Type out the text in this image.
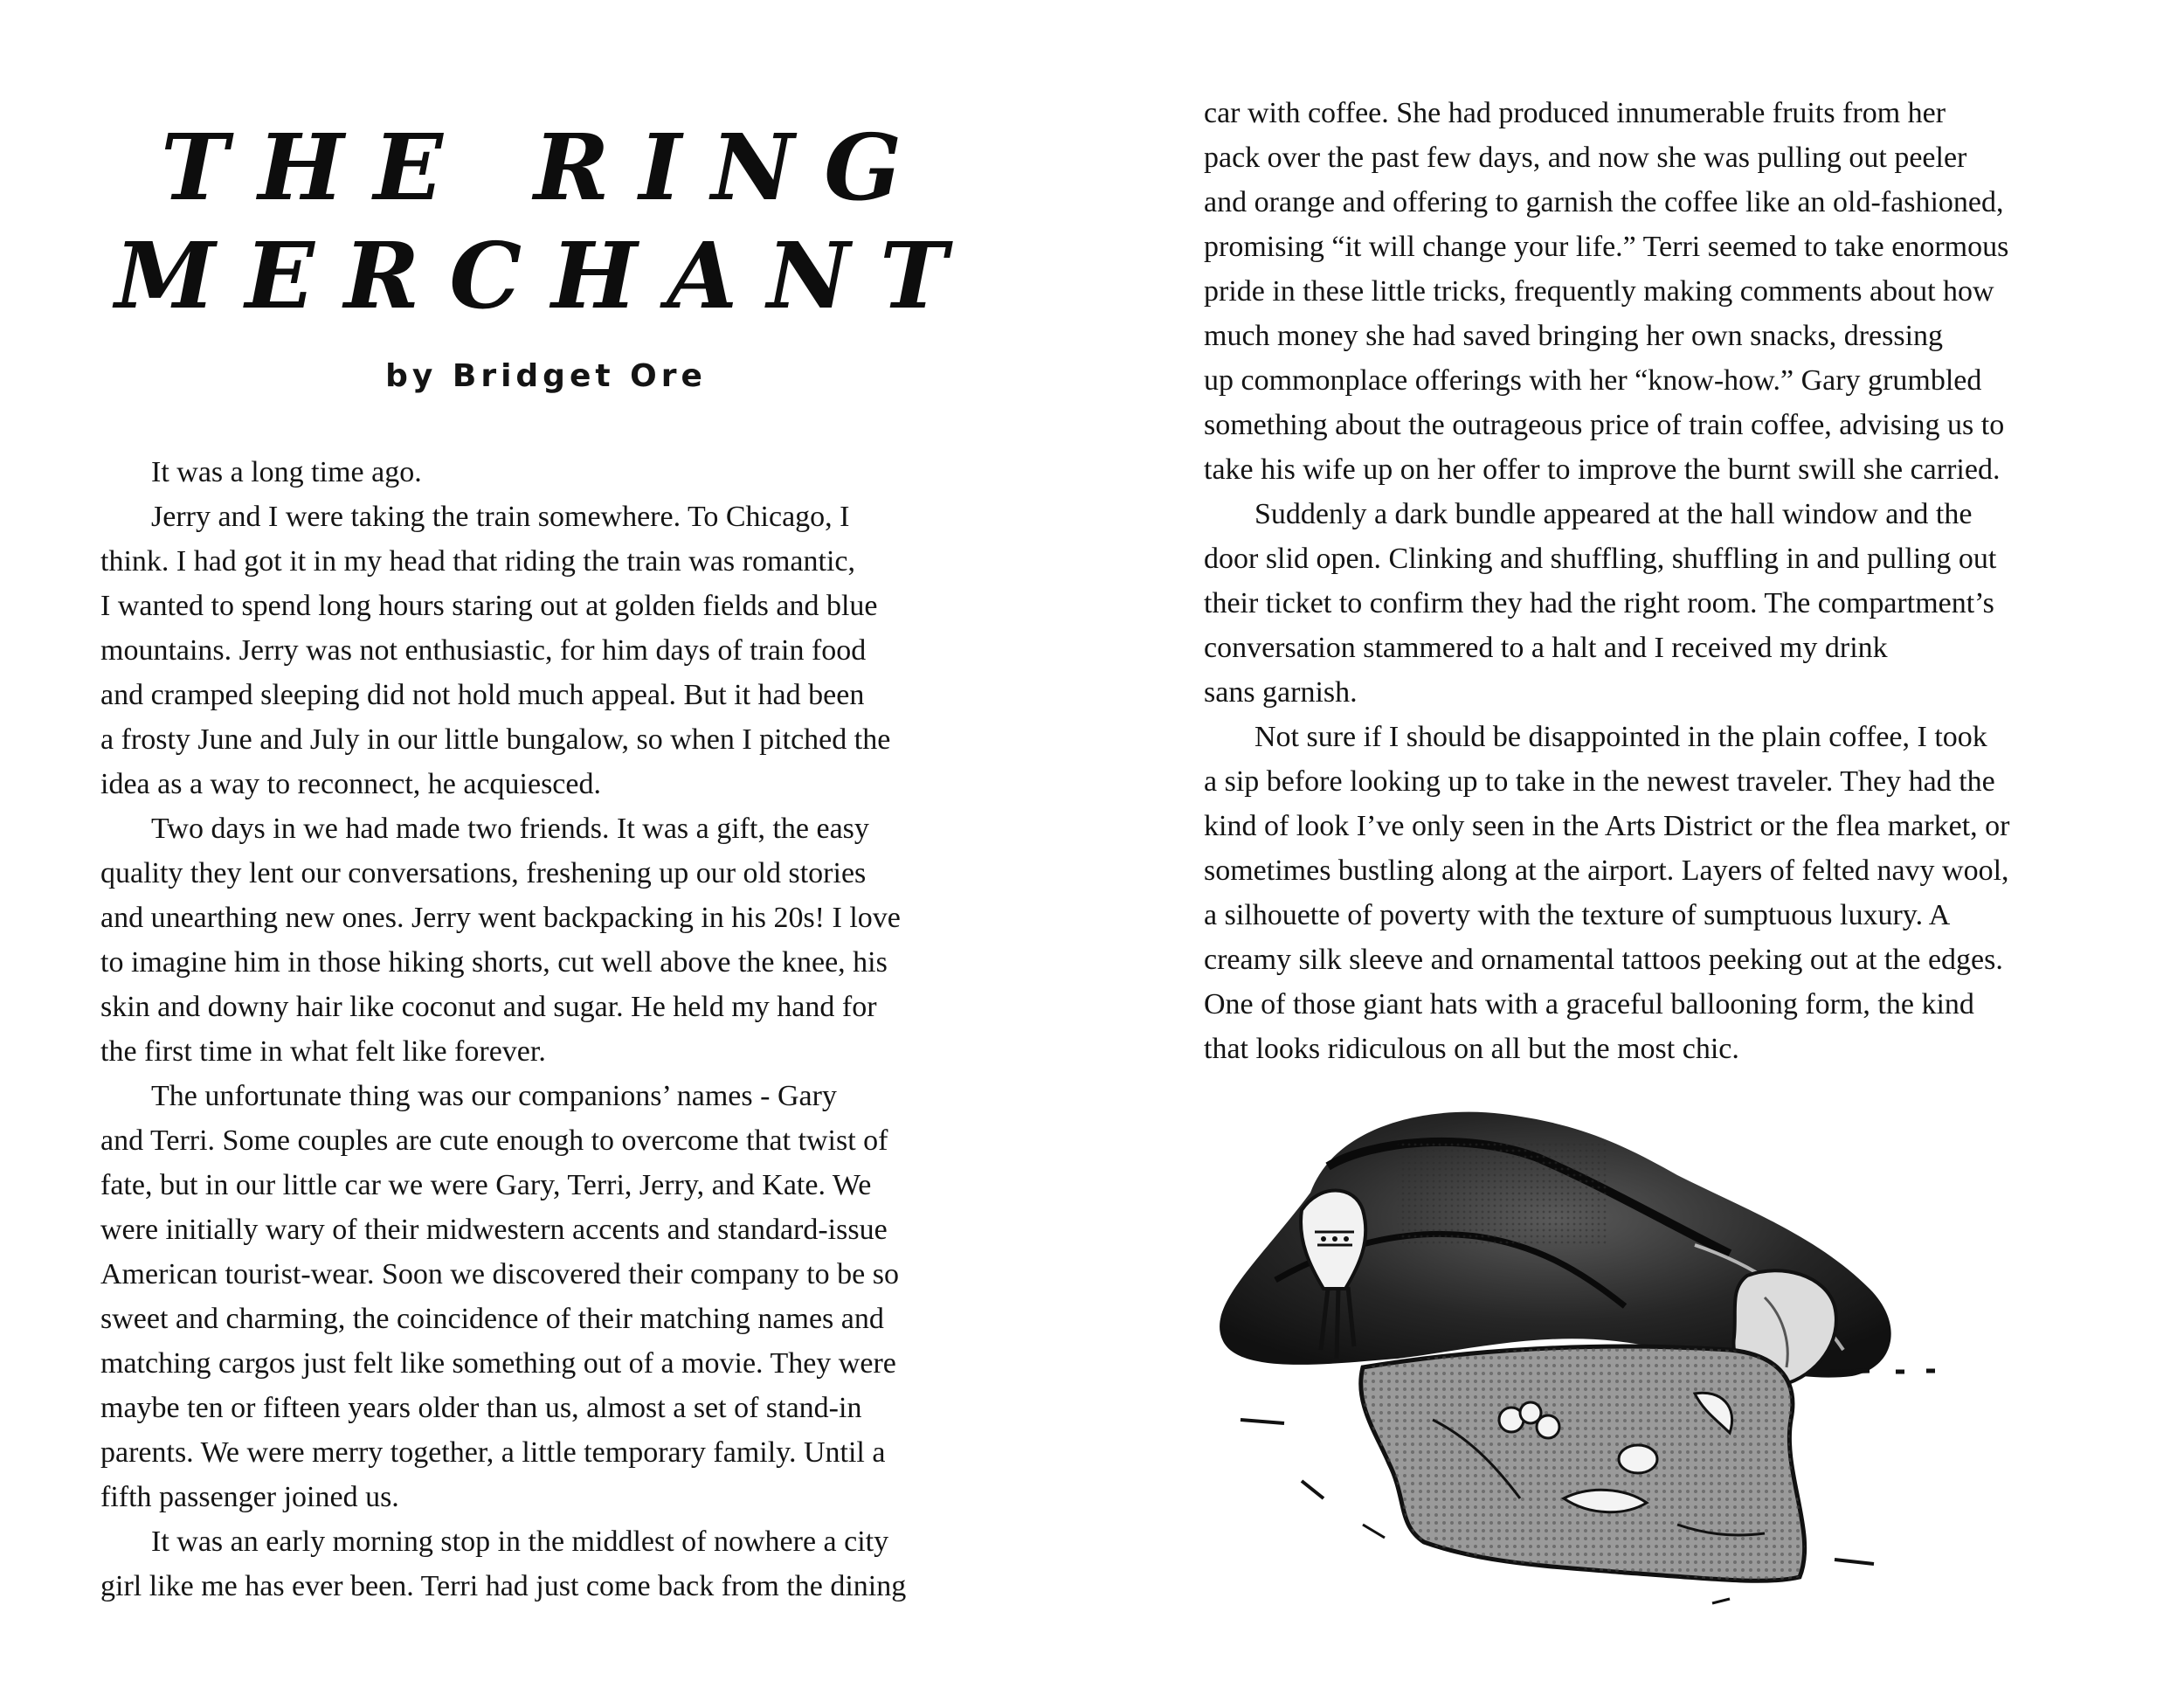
THE RING
MERCHANT
by Bridget Ore
It was a long time ago.
Jerry and I were taking the train somewhere. To Chicago, I
think. I had got it in my head that riding the train was romantic,
I wanted to spend long hours staring out at golden fields and blue
mountains. Jerry was not enthusiastic, for him days of train food
and cramped sleeping did not hold much appeal. But it had been
a frosty June and July in our little bungalow, so when I pitched the
idea as a way to reconnect, he acquiesced.
Two days in we had made two friends. It was a gift, the easy
quality they lent our conversations, freshening up our old stories
and unearthing new ones. Jerry went backpacking in his 20s! I love
to imagine him in those hiking shorts, cut well above the knee, his
skin and downy hair like coconut and sugar. He held my hand for
the first time in what felt like forever.
The unfortunate thing was our companions’ names - Gary
and Terri. Some couples are cute enough to overcome that twist of
fate, but in our little car we were Gary, Terri, Jerry, and Kate. We
were initially wary of their midwestern accents and standard-issue
American tourist-wear. Soon we discovered their company to be so
sweet and charming, the coincidence of their matching names and
matching cargos just felt like something out of a movie. They were
maybe ten or fifteen years older than us, almost a set of stand-in
parents. We were merry together, a little temporary family. Until a
fifth passenger joined us.
It was an early morning stop in the middlest of nowhere a city
girl like me has ever been. Terri had just come back from the dining
car with coffee. She had produced innumerable fruits from her
pack over the past few days, and now she was pulling out peeler
and orange and offering to garnish the coffee like an old-fashioned,
promising “it will change your life.” Terri seemed to take enormous
pride in these little tricks, frequently making comments about how
much money she had saved bringing her own snacks, dressing
up commonplace offerings with her “know-how.” Gary grumbled
something about the outrageous price of train coffee, advising us to
take his wife up on her offer to improve the burnt swill she carried.
Suddenly a dark bundle appeared at the hall window and the
door slid open. Clinking and shuffling, shuffling in and pulling out
their ticket to confirm they had the right room. The compartment’s
conversation stammered to a halt and I received my drink
sans garnish.
Not sure if I should be disappointed in the plain coffee, I took
a sip before looking up to take in the newest traveler. They had the
kind of look I’ve only seen in the Arts District or the flea market, or
sometimes bustling along at the airport. Layers of felted navy wool,
a silhouette of poverty with the texture of sumptuous luxury. A
creamy silk sleeve and ornamental tattoos peeking out at the edges.
One of those giant hats with a graceful ballooning form, the kind
that looks ridiculous on all but the most chic.
